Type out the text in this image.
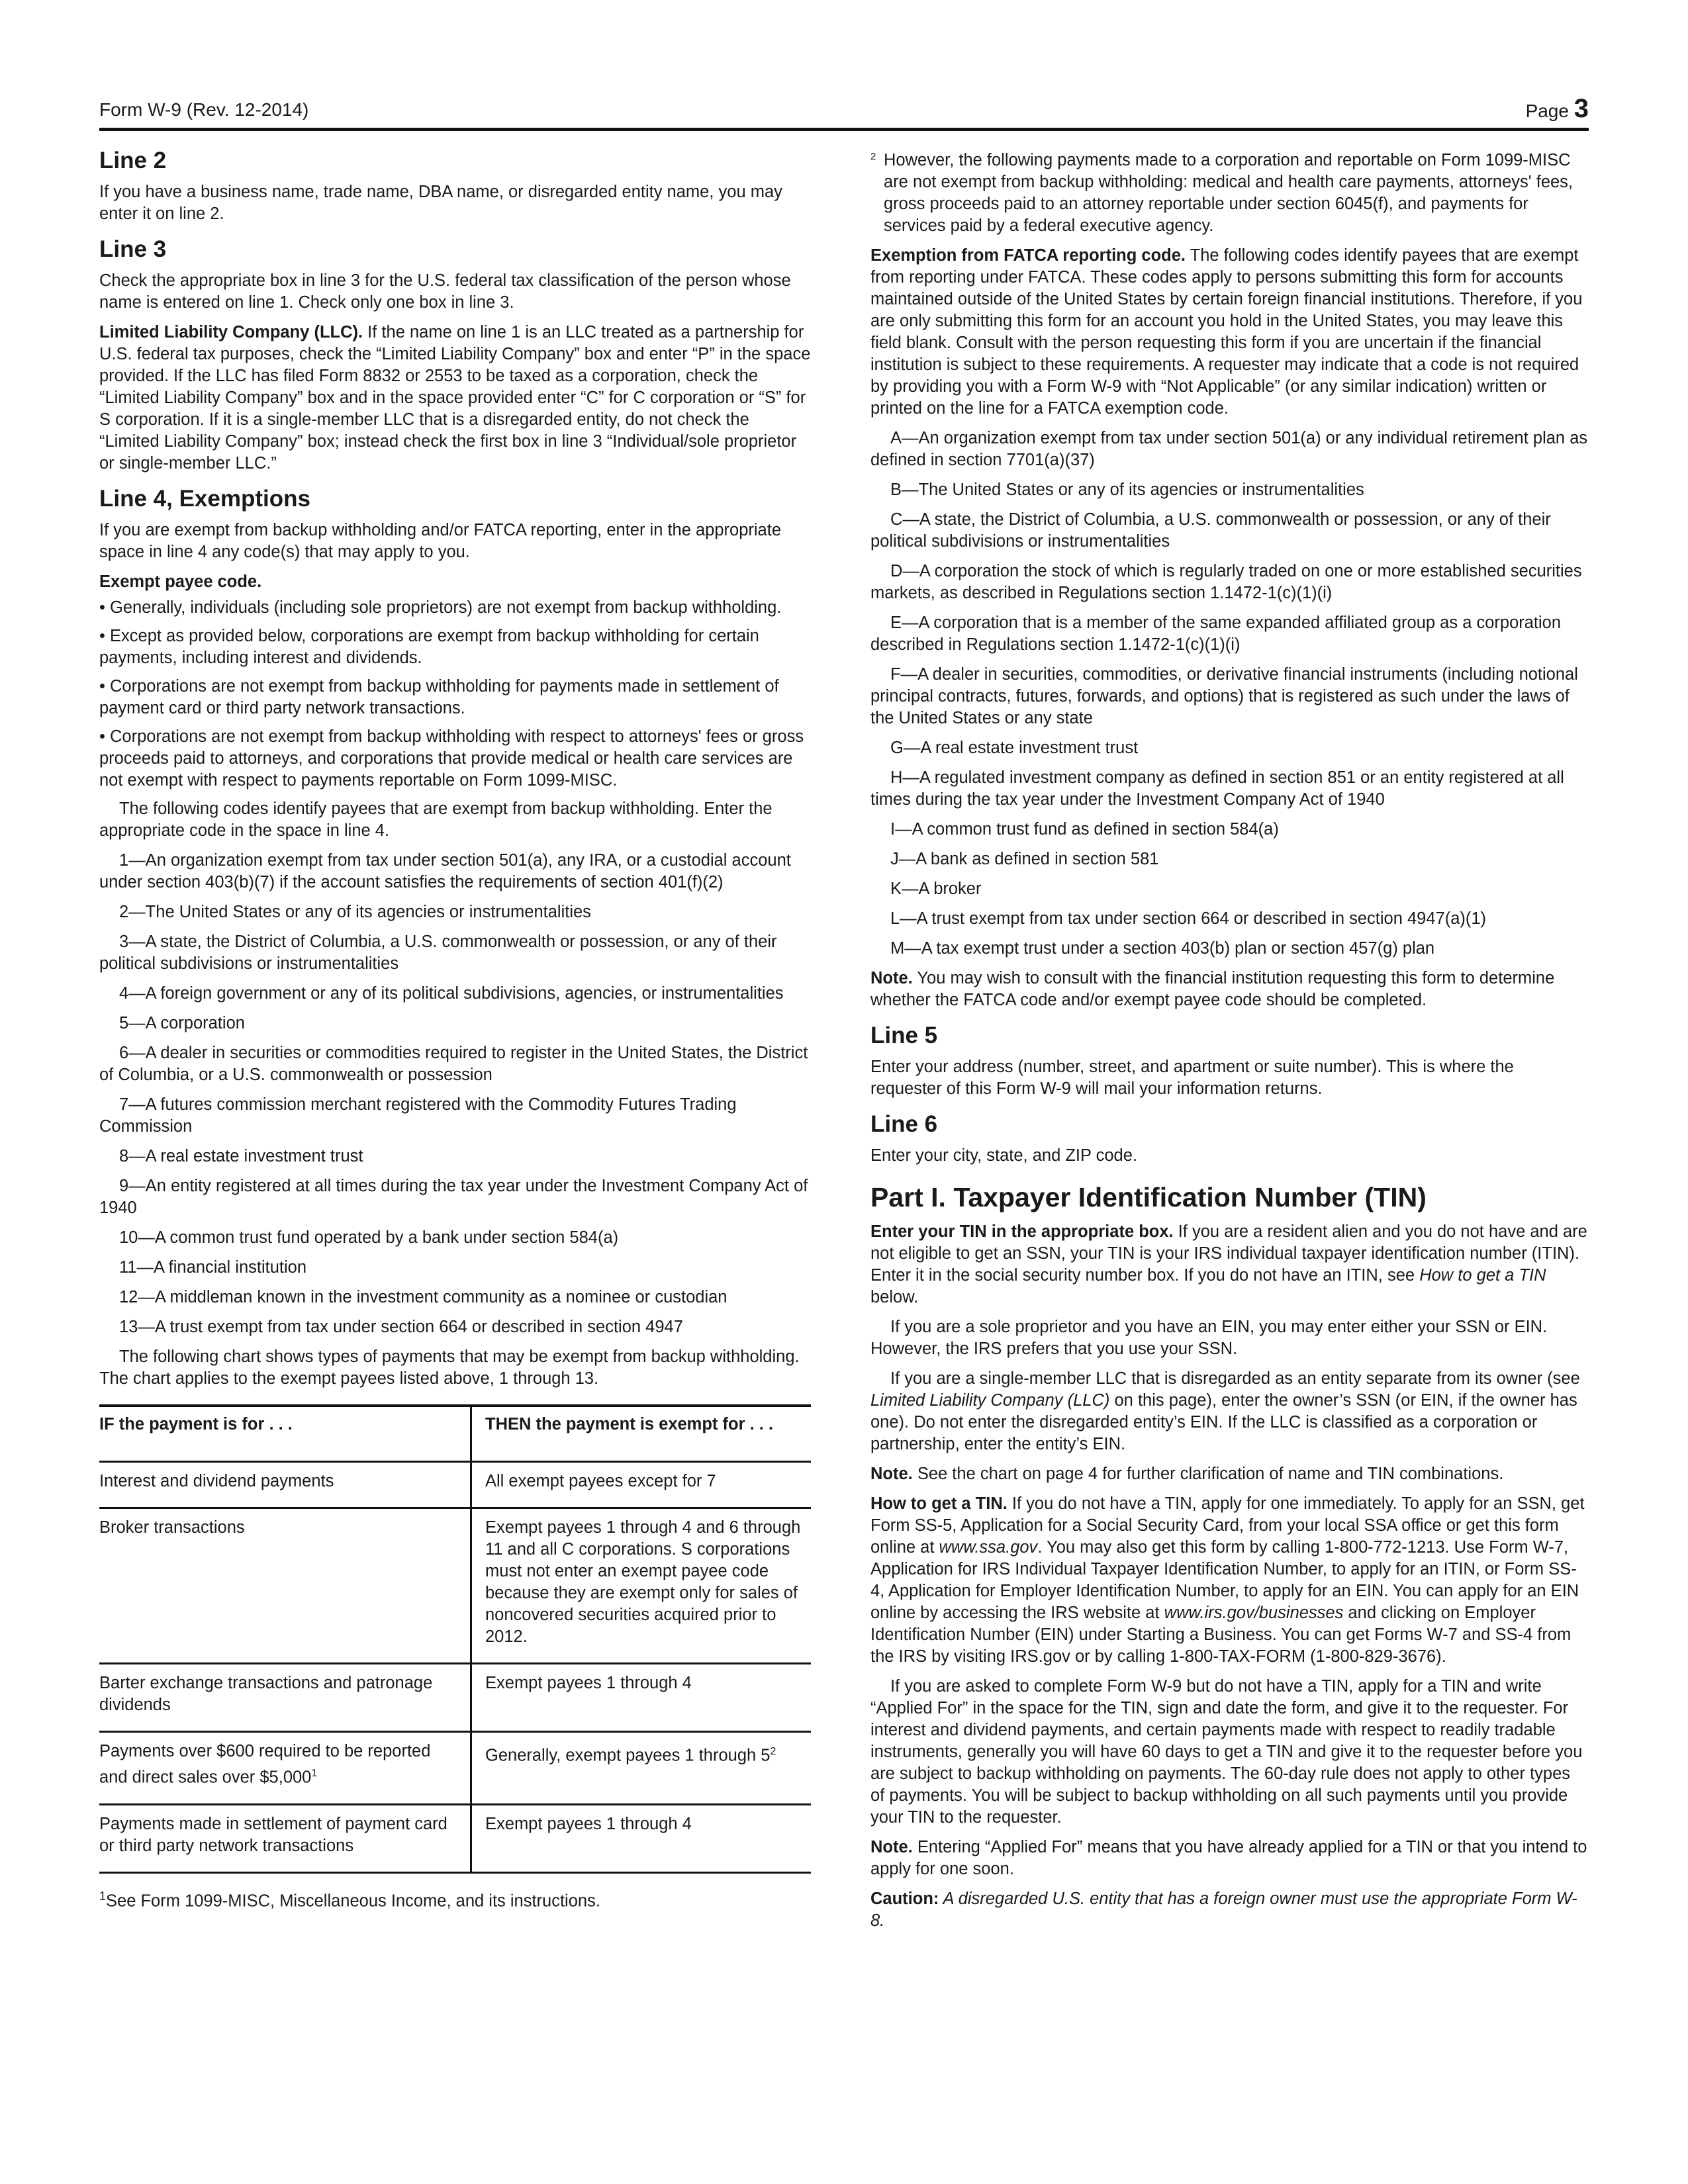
Form W-9 (Rev. 12-2014)	Page 3
Line 2

If you have a business name, trade name, DBA name, or disregarded entity name, you may enter it on line 2.

Line 3

Check the appropriate box in line 3 for the U.S. federal tax classification of the person whose name is entered on line 1. Check only one box in line 3.

Limited Liability Company (LLC). If the name on line 1 is an LLC treated as a partnership for U.S. federal tax purposes, check the “Limited Liability Company” box and enter “P” in the space provided. If the LLC has filed Form 8832 or 2553 to be taxed as a corporation, check the “Limited Liability Company” box and in the space provided enter “C” for C corporation or “S” for S corporation. If it is a single-member LLC that is a disregarded entity, do not check the “Limited Liability Company” box; instead check the first box in line 3 “Individual/sole proprietor or single-member LLC.”

Line 4, Exemptions

If you are exempt from backup withholding and/or FATCA reporting, enter in the appropriate space in line 4 any code(s) that may apply to you.

Exempt payee code.

• Generally, individuals (including sole proprietors) are not exempt from backup withholding.

• Except as provided below, corporations are exempt from backup withholding for certain payments, including interest and dividends.

• Corporations are not exempt from backup withholding for payments made in settlement of payment card or third party network transactions.

• Corporations are not exempt from backup withholding with respect to attorneys' fees or gross proceeds paid to attorneys, and corporations that provide medical or health care services are not exempt with respect to payments reportable on Form 1099-MISC.

The following codes identify payees that are exempt from backup withholding. Enter the appropriate code in the space in line 4.

1—An organization exempt from tax under section 501(a), any IRA, or a custodial account under section 403(b)(7) if the account satisfies the requirements of section 401(f)(2)

2—The United States or any of its agencies or instrumentalities

3—A state, the District of Columbia, a U.S. commonwealth or possession, or any of their political subdivisions or instrumentalities

4—A foreign government or any of its political subdivisions, agencies, or instrumentalities

5—A corporation

6—A dealer in securities or commodities required to register in the United States, the District of Columbia, or a U.S. commonwealth or possession

7—A futures commission merchant registered with the Commodity Futures Trading Commission

8—A real estate investment trust

9—An entity registered at all times during the tax year under the Investment Company Act of 1940

10—A common trust fund operated by a bank under section 584(a)

11—A financial institution

12—A middleman known in the investment community as a nominee or custodian

13—A trust exempt from tax under section 664 or described in section 4947

The following chart shows types of payments that may be exempt from backup withholding. The chart applies to the exempt payees listed above, 1 through 13.

IF the payment is for . . .	THEN the payment is exempt for . . .
Interest and dividend payments	All exempt payees except for 7
Broker transactions	Exempt payees 1 through 4 and 6 through 11 and all C corporations. S corporations must not enter an exempt payee code because they are exempt only for sales of noncovered securities acquired prior to 2012.
Barter exchange transactions and patronage dividends	Exempt payees 1 through 4
Payments over $600 required to be reported and direct sales over $5,000$^1$	Generally, exempt payees 1 through $5^2$
Payments made in settlement of payment card or third party network transactions	Exempt payees 1 through 4
$^1$See Form 1099-MISC, Miscellaneous Income, and its instructions.

2 However, the following payments made to a corporation and reportable on Form 1099-MISC are not exempt from backup withholding: medical and health care payments, attorneys' fees, gross proceeds paid to an attorney reportable under section 6045(f), and payments for services paid by a federal executive agency.

Exemption from FATCA reporting code. The following codes identify payees that are exempt from reporting under FATCA. These codes apply to persons submitting this form for accounts maintained outside of the United States by certain foreign financial institutions. Therefore, if you are only submitting this form for an account you hold in the United States, you may leave this field blank. Consult with the person requesting this form if you are uncertain if the financial institution is subject to these requirements. A requester may indicate that a code is not required by providing you with a Form W-9 with “Not Applicable” (or any similar indication) written or printed on the line for a FATCA exemption code.

A—An organization exempt from tax under section 501(a) or any individual retirement plan as defined in section 7701(a)(37)

B—The United States or any of its agencies or instrumentalities

C—A state, the District of Columbia, a U.S. commonwealth or possession, or any of their political subdivisions or instrumentalities

D—A corporation the stock of which is regularly traded on one or more established securities markets, as described in Regulations section 1.1472-1(c)(1)(i)

E—A corporation that is a member of the same expanded affiliated group as a corporation described in Regulations section 1.1472-1(c)(1)(i)

F—A dealer in securities, commodities, or derivative financial instruments (including notional principal contracts, futures, forwards, and options) that is registered as such under the laws of the United States or any state

G—A real estate investment trust

H—A regulated investment company as defined in section 851 or an entity registered at all times during the tax year under the Investment Company Act of 1940

I—A common trust fund as defined in section 584(a)

J—A bank as defined in section 581

K—A broker

L—A trust exempt from tax under section 664 or described in section 4947(a)(1)

M—A tax exempt trust under a section 403(b) plan or section 457(g) plan

Note. You may wish to consult with the financial institution requesting this form to determine whether the FATCA code and/or exempt payee code should be completed.

Line 5

Enter your address (number, street, and apartment or suite number). This is where the requester of this Form W-9 will mail your information returns.

Line 6

Enter your city, state, and ZIP code.

Part I. Taxpayer Identification Number (TIN)

Enter your TIN in the appropriate box. If you are a resident alien and you do not have and are not eligible to get an SSN, your TIN is your IRS individual taxpayer identification number (ITIN). Enter it in the social security number box. If you do not have an ITIN, see How to get a TIN below.

If you are a sole proprietor and you have an EIN, you may enter either your SSN or EIN. However, the IRS prefers that you use your SSN.

If you are a single-member LLC that is disregarded as an entity separate from its owner (see Limited Liability Company (LLC) on this page), enter the owner’s SSN (or EIN, if the owner has one). Do not enter the disregarded entity’s EIN. If the LLC is classified as a corporation or partnership, enter the entity’s EIN.

Note. See the chart on page 4 for further clarification of name and TIN combinations.

How to get a TIN. If you do not have a TIN, apply for one immediately. To apply for an SSN, get Form SS-5, Application for a Social Security Card, from your local SSA office or get this form online at www.ssa.gov. You may also get this form by calling 1-800-772-1213. Use Form W-7, Application for IRS Individual Taxpayer Identification Number, to apply for an ITIN, or Form SS-4, Application for Employer Identification Number, to apply for an EIN. You can apply for an EIN online by accessing the IRS website at www.irs.gov/businesses and clicking on Employer Identification Number (EIN) under Starting a Business. You can get Forms W-7 and SS-4 from the IRS by visiting IRS.gov or by calling 1-800-TAX-FORM (1-800-829-3676).

If you are asked to complete Form W-9 but do not have a TIN, apply for a TIN and write “Applied For” in the space for the TIN, sign and date the form, and give it to the requester. For interest and dividend payments, and certain payments made with respect to readily tradable instruments, generally you will have 60 days to get a TIN and give it to the requester before you are subject to backup withholding on payments. The 60-day rule does not apply to other types of payments. You will be subject to backup withholding on all such payments until you provide your TIN to the requester.

Note. Entering “Applied For” means that you have already applied for a TIN or that you intend to apply for one soon.

Caution: A disregarded U.S. entity that has a foreign owner must use the appropriate Form W-8.
